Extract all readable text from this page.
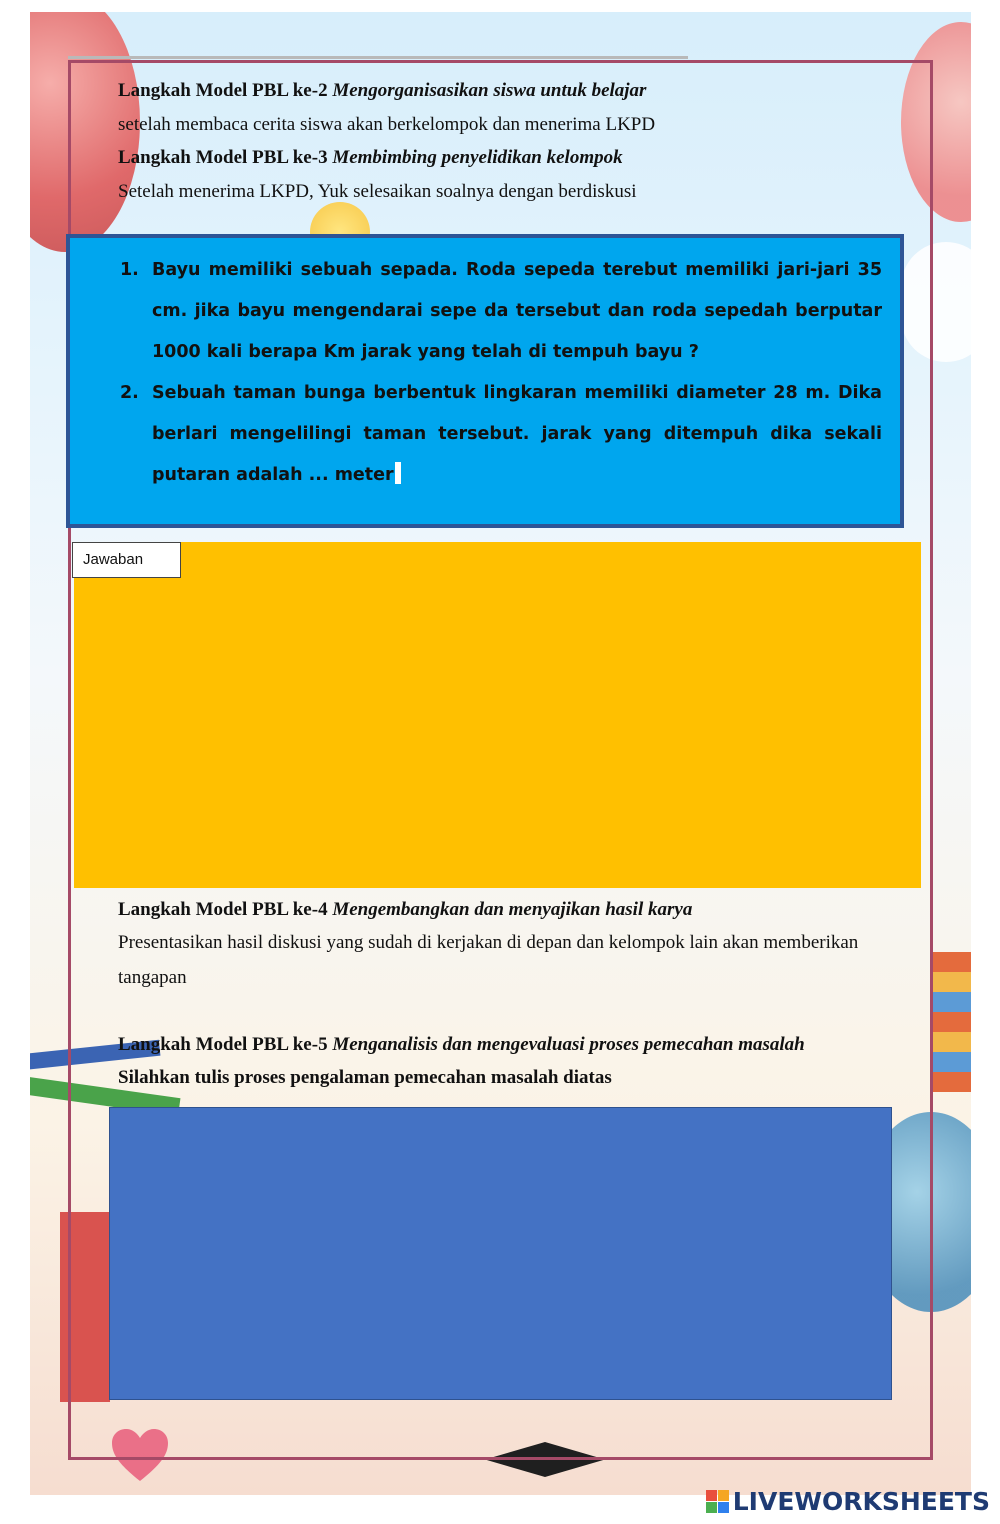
Langkah Model PBL ke-2 Mengorganisasikan siswa untuk belajar
setelah membaca cerita siswa akan berkelompok dan menerima LKPD
Langkah Model PBL ke-3 Membimbing penyelidikan kelompok
Setelah menerima LKPD, Yuk selesaikan soalnya dengan berdiskusi
1. Bayu memiliki sebuah sepada. Roda sepeda terebut memiliki jari-jari 35 cm. jika bayu mengendarai sepe da tersebut dan roda sepedah berputar 1000 kali berapa Km jarak yang telah di tempuh bayu ?
2. Sebuah taman bunga berbentuk lingkaran memiliki diameter 28 m. Dika berlari mengelilingi taman tersebut. jarak yang ditempuh dika sekali putaran adalah ... meter
Jawaban
Langkah Model PBL ke-4 Mengembangkan dan menyajikan hasil karya
Presentasikan hasil diskusi yang sudah di kerjakan di depan dan kelompok lain akan memberikan
tangapan
Langkah Model PBL ke-5 Menganalisis dan mengevaluasi proses pemecahan masalah
Silahkan tulis proses pengalaman pemecahan masalah diatas
LIVEWORKSHEETS
